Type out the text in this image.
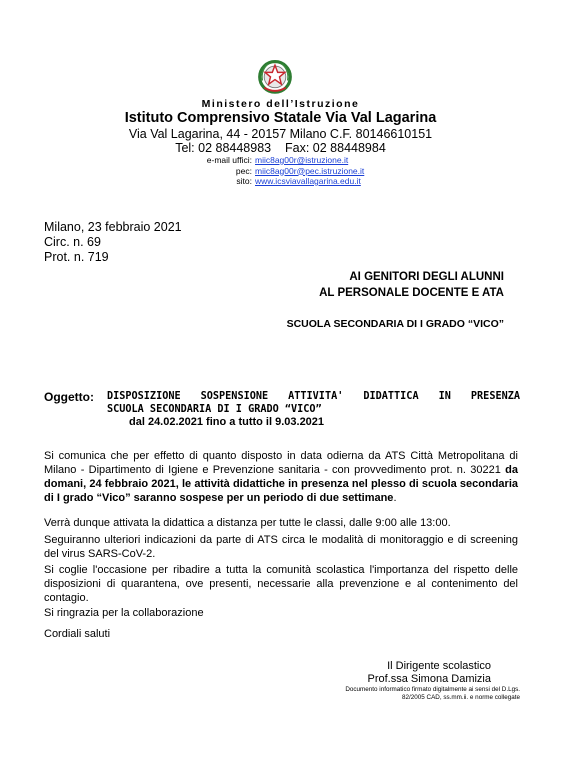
Ministero dell’Istruzione
Istituto Comprensivo Statale Via Val Lagarina
Via Val Lagarina, 44 - 20157 Milano C.F. 80146610151
Tel: 02 88448983    Fax: 02 88448984
e-mail uffici: miic8ag00r@istruzione.it
pec: miic8ag00r@pec.istruzione.it
sito: www.icsviavallagarina.edu.it
Milano, 23 febbraio 2021
Circ. n. 69
Prot. n. 719
AI GENITORI DEGLI ALUNNI
AL PERSONALE DOCENTE E ATA
SCUOLA SECONDARIA DI I GRADO “VICO”
Oggetto: DISPOSIZIONE SOSPENSIONE ATTIVITA' DIDATTICA IN PRESENZA
SCUOLA SECONDARIA DI I GRADO “VICO”
dal 24.02.2021 fino a tutto il 9.03.2021
Si comunica che per effetto di quanto disposto in data odierna da ATS Città Metropolitana di Milano - Dipartimento di Igiene e Prevenzione sanitaria - con provvedimento prot. n. 30221 da domani, 24 febbraio 2021, le attività didattiche in presenza nel plesso di scuola secondaria di I grado “Vico” saranno sospese per un periodo di due settimane.
Verrà dunque attivata la didattica a distanza per tutte le classi, dalle 9:00 alle 13:00.
Seguiranno ulteriori indicazioni da parte di ATS circa le modalità di monitoraggio e di screening del virus SARS-CoV-2.
Si coglie l'occasione per ribadire a tutta la comunità scolastica l'importanza del rispetto delle disposizioni di quarantena, ove presenti, necessarie alla prevenzione e al contenimento del contagio.
Si ringrazia per la collaborazione
Cordiali saluti
Il Dirigente scolastico
Prof.ssa Simona Damizia
Documento informatico firmato digitalmente ai sensi del D.Lgs. 82/2005 CAD, ss.mm.ii. e norme collegate
